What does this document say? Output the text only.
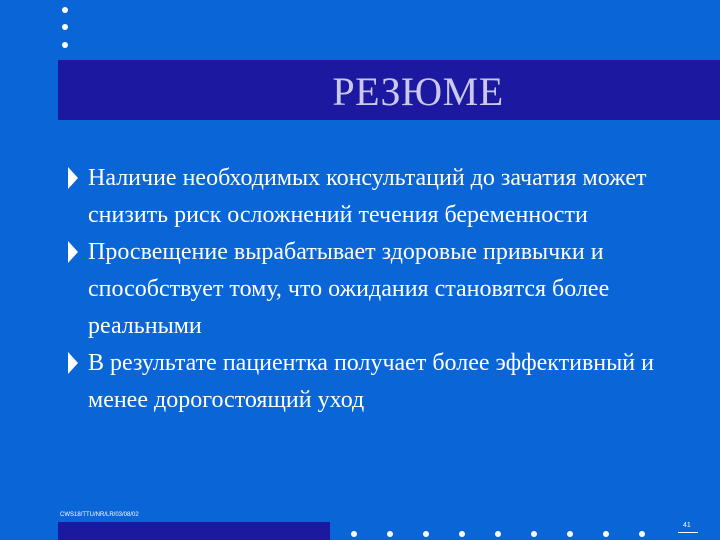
РЕЗЮМЕ
Наличие необходимых консультаций до зачатия может снизить риск осложнений течения беременности
Просвещение вырабатывает здоровые привычки и способствует тому, что ожидания становятся более реальными
В результате пациентка получает более эффективный и менее дорогостоящий уход
CWS18/TTU/NR/LR/03/08/02
41
